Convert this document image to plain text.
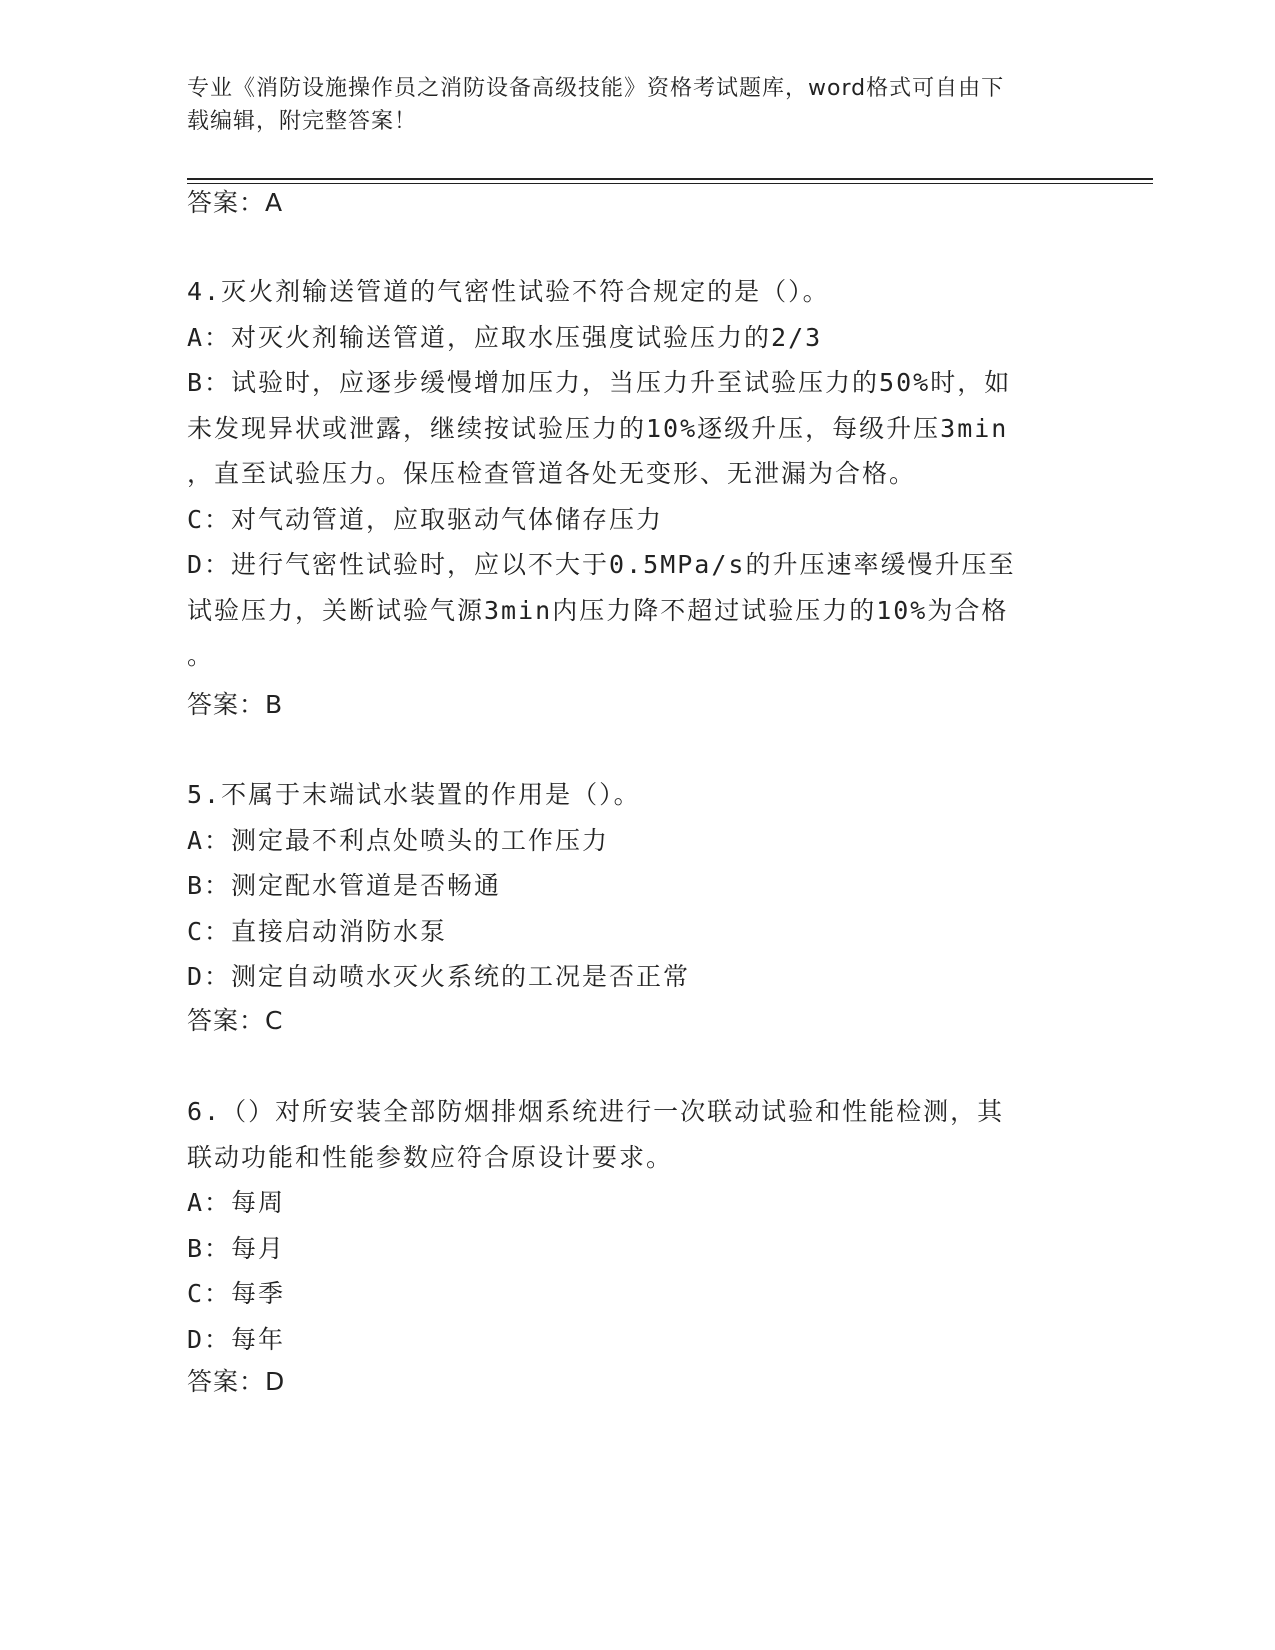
专业《消防设施操作员之消防设备高级技能》资格考试题库，word格式可自由下
载编辑，附完整答案！
答案：A
4.灭火剂输送管道的气密性试验不符合规定的是（）。
A：对灭火剂输送管道，应取水压强度试验压力的2/3
B：试验时，应逐步缓慢增加压力，当压力升至试验压力的50%时，如
未发现异状或泄露，继续按试验压力的10%逐级升压，每级升压3min
，直至试验压力。保压检查管道各处无变形、无泄漏为合格。
C：对气动管道，应取驱动气体储存压力
D：进行气密性试验时，应以不大于0.5MPa/s的升压速率缓慢升压至
试验压力，关断试验气源3min内压力降不超过试验压力的10%为合格
。
答案：B
5.不属于末端试水装置的作用是（）。
A：测定最不利点处喷头的工作压力
B：测定配水管道是否畅通
C：直接启动消防水泵
D：测定自动喷水灭火系统的工况是否正常
答案：C
6.（）对所安装全部防烟排烟系统进行一次联动试验和性能检测，其
联动功能和性能参数应符合原设计要求。
A：每周
B：每月
C：每季
D：每年
答案：D
